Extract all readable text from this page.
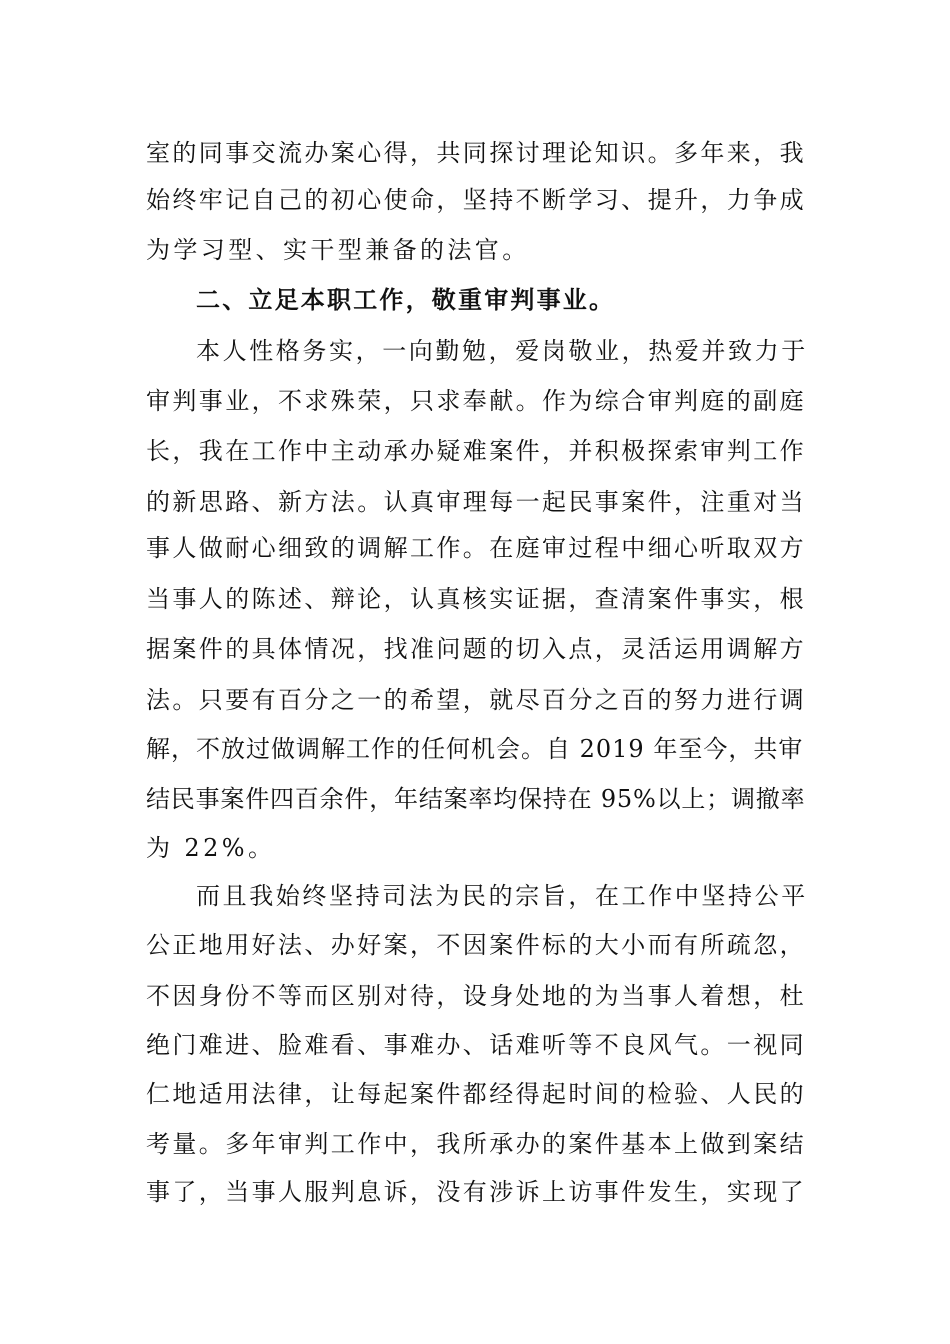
室的同事交流办案心得，共同探讨理论知识。多年来，我
始终牢记自己的初心使命，坚持不断学习、提升，力争成
为学习型、实干型兼备的法官。
二、立足本职工作，敬重审判事业。
本人性格务实，一向勤勉，爱岗敬业，热爱并致力于
审判事业，不求殊荣，只求奉献。作为综合审判庭的副庭
长，我在工作中主动承办疑难案件，并积极探索审判工作
的新思路、新方法。认真审理每一起民事案件，注重对当
事人做耐心细致的调解工作。在庭审过程中细心听取双方
当事人的陈述、辩论，认真核实证据，查清案件事实，根
据案件的具体情况，找准问题的切入点，灵活运用调解方
法。只要有百分之一的希望，就尽百分之百的努力进行调
解，不放过做调解工作的任何机会。自 2019 年至今，共审
结民事案件四百余件，年结案率均保持在 95%以上；调撤率
为 22%。
而且我始终坚持司法为民的宗旨，在工作中坚持公平
公正地用好法、办好案，不因案件标的大小而有所疏忽，
不因身份不等而区别对待，设身处地的为当事人着想，杜
绝门难进、脸难看、事难办、话难听等不良风气。一视同
仁地适用法律，让每起案件都经得起时间的检验、人民的
考量。多年审判工作中，我所承办的案件基本上做到案结
事了，当事人服判息诉，没有涉诉上访事件发生，实现了
